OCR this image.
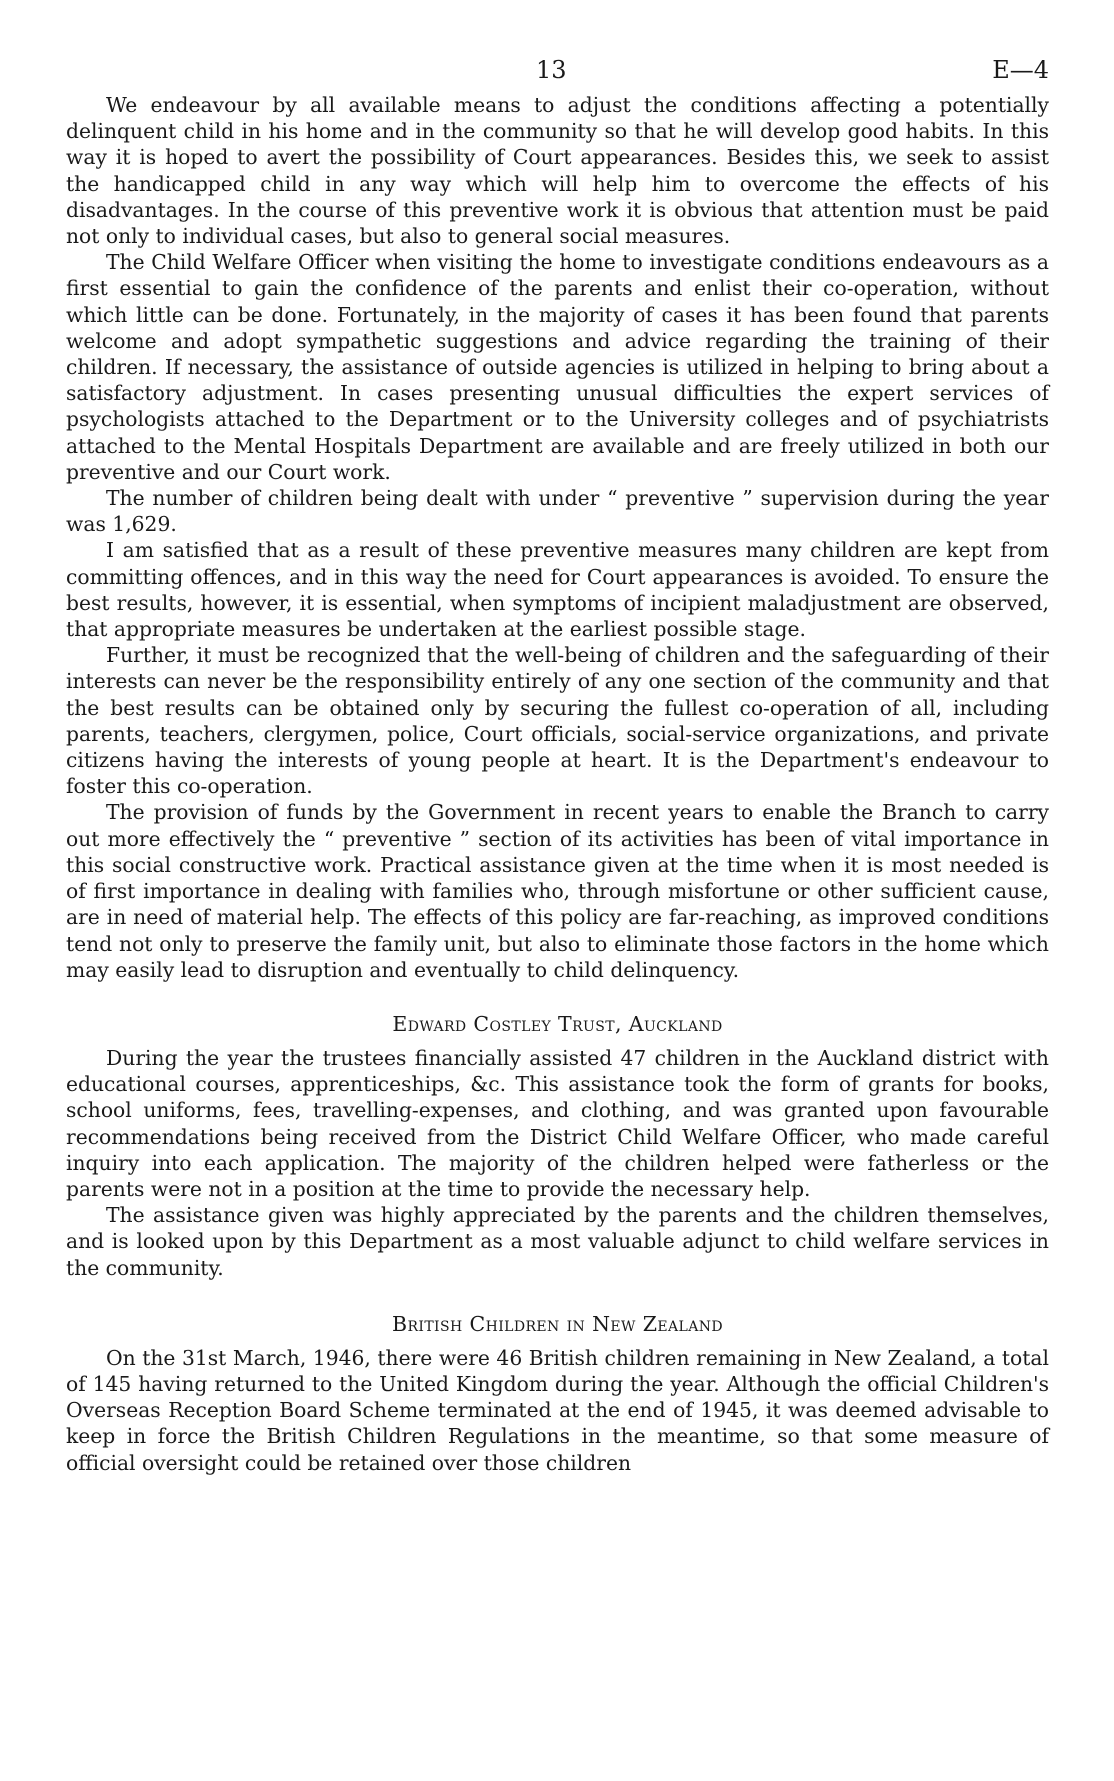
13	E—4

We endeavour by all available means to adjust the conditions affecting a potentially delinquent child in his home and in the community so that he will develop good habits. In this way it is hoped to avert the possibility of Court appearances. Besides this, we seek to assist the handicapped child in any way which will help him to overcome the effects of his disadvantages. In the course of this preventive work it is obvious that attention must be paid not only to individual cases, but also to general social measures.

The Child Welfare Officer when visiting the home to investigate conditions endeavours as a first essential to gain the confidence of the parents and enlist their co-operation, without which little can be done. Fortunately, in the majority of cases it has been found that parents welcome and adopt sympathetic suggestions and advice regarding the training of their children. If necessary, the assistance of outside agencies is utilized in helping to bring about a satisfactory adjustment. In cases presenting unusual difficulties the expert services of psychologists attached to the Department or to the University colleges and of psychiatrists attached to the Mental Hospitals Department are available and are freely utilized in both our preventive and our Court work.

The number of children being dealt with under “ preventive ” supervision during the year was 1,629.

I am satisfied that as a result of these preventive measures many children are kept from committing offences, and in this way the need for Court appearances is avoided. To ensure the best results, however, it is essential, when symptoms of incipient maladjustment are observed, that appropriate measures be undertaken at the earliest possible stage.

Further, it must be recognized that the well-being of children and the safeguarding of their interests can never be the responsibility entirely of any one section of the community and that the best results can be obtained only by securing the fullest co-operation of all, including parents, teachers, clergymen, police, Court officials, social-service organizations, and private citizens having the interests of young people at heart. It is the Department's endeavour to foster this co-operation.

The provision of funds by the Government in recent years to enable the Branch to carry out more effectively the “ preventive ” section of its activities has been of vital importance in this social constructive work. Practical assistance given at the time when it is most needed is of first importance in dealing with families who, through misfortune or other sufficient cause, are in need of material help. The effects of this policy are far-reaching, as improved conditions tend not only to preserve the family unit, but also to eliminate those factors in the home which may easily lead to disruption and eventually to child delinquency.

Edward Costley Trust, Auckland

During the year the trustees financially assisted 47 children in the Auckland district with educational courses, apprenticeships, &c. This assistance took the form of grants for books, school uniforms, fees, travelling-expenses, and clothing, and was granted upon favourable recommendations being received from the District Child Welfare Officer, who made careful inquiry into each application. The majority of the children helped were fatherless or the parents were not in a position at the time to provide the necessary help.

The assistance given was highly appreciated by the parents and the children themselves, and is looked upon by this Department as a most valuable adjunct to child welfare services in the community.

British Children in New Zealand

On the 31st March, 1946, there were 46 British children remaining in New Zealand, a total of 145 having returned to the United Kingdom during the year. Although the official Children's Overseas Reception Board Scheme terminated at the end of 1945, it was deemed advisable to keep in force the British Children Regulations in the meantime, so that some measure of official oversight could be retained over those children
